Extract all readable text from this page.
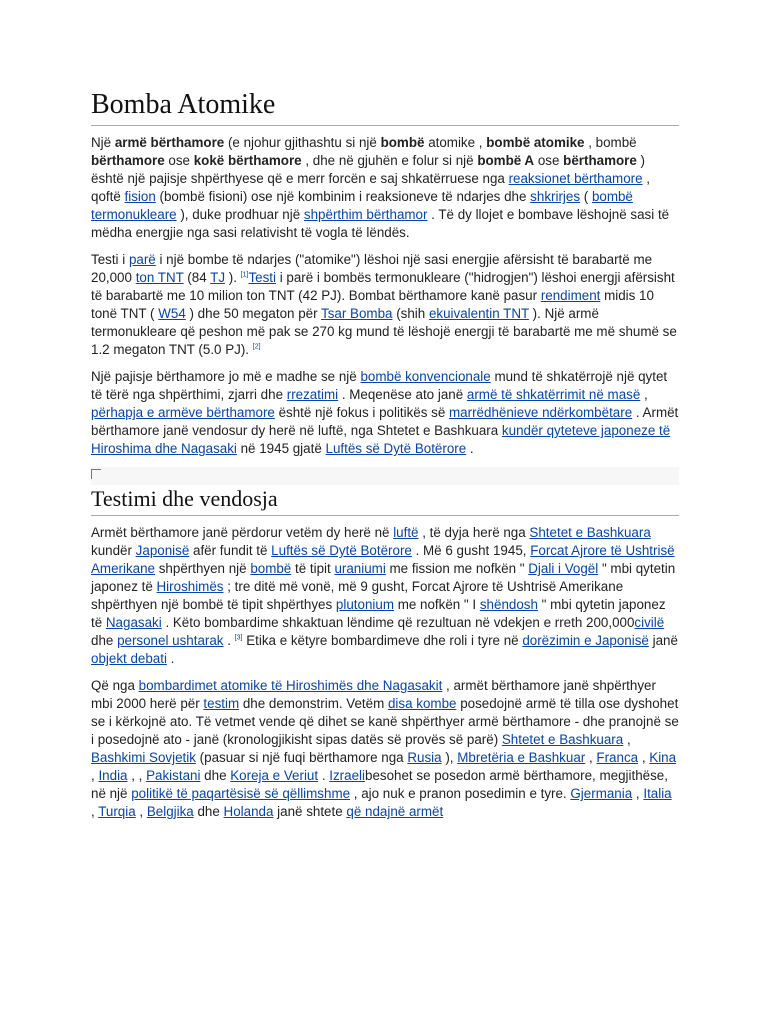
Bomba Atomike

Një armë bërthamore (e njohur gjithashtu si një bombë atomike , bombë atomike , bombë bërthamore ose kokë bërthamore , dhe në gjuhën e folur si një bombë A ose bërthamore ) është një pajisje shpërthyese që e merr forcën e saj shkatërruese nga reaksionet bërthamore , qoftë fision (bombë fisioni) ose një kombinim i reaksioneve të ndarjes dhe shkrirjes ( bombë termonukleare ), duke prodhuar një shpërthim bërthamor . Të dy llojet e bombave lëshojnë sasi të mëdha energjie nga sasi relativisht të vogla të lëndës.

Testi i parë i një bombe të ndarjes ("atomike") lëshoi një sasi energjie afërsisht të barabartë me 20,000 ton TNT (84 TJ ). [1]Testi i parë i bombës termonukleare ("hidrogjen") lëshoi energji afërsisht të barabartë me 10 milion ton TNT (42 PJ). Bombat bërthamore kanë pasur rendiment midis 10 tonë TNT ( W54 ) dhe 50 megaton për Tsar Bomba (shih ekuivalentin TNT ). Një armë termonukleare që peshon më pak se 270 kg mund të lëshojë energji të barabartë me më shumë se 1.2 megaton TNT (5.0 PJ). [2]

Një pajisje bërthamore jo më e madhe se një bombë konvencionale mund të shkatërrojë një qytet të tërë nga shpërthimi, zjarri dhe rrezatimi . Meqenëse ato janë armë të shkatërrimit në masë , përhapja e armëve bërthamore është një fokus i politikës së marrëdhënieve ndërkombëtare . Armët bërthamore janë vendosur dy herë në luftë, nga Shtetet e Bashkuara kundër qyteteve japoneze të Hiroshima dhe Nagasaki në 1945 gjatë Luftës së Dytë Botërore .

Testimi dhe vendosja

Armët bërthamore janë përdorur vetëm dy herë në luftë , të dyja herë nga Shtetet e Bashkuara kundër Japonisë afër fundit të Luftës së Dytë Botërore . Më 6 gusht 1945, Forcat Ajrore të Ushtrisë Amerikane shpërthyen një bombë të tipit uraniumi me fission me nofkën " Djali i Vogël " mbi qytetin japonez të Hiroshimës ; tre ditë më vonë, më 9 gusht, Forcat Ajrore të Ushtrisë Amerikane shpërthyen një bombë të tipit shpërthyes plutonium me nofkën " I shëndosh " mbi qytetin japonez të Nagasaki . Këto bombardime shkaktuan lëndime që rezultuan në vdekjen e rreth 200,000civilë dhe personel ushtarak . [3] Etika e këtyre bombardimeve dhe roli i tyre në dorëzimin e Japonisë janë objekt debati .

Që nga bombardimet atomike të Hiroshimës dhe Nagasakit , armët bërthamore janë shpërthyer mbi 2000 herë për testim dhe demonstrim. Vetëm disa kombe posedojnë armë të tilla ose dyshohet se i kërkojnë ato. Të vetmet vende që dihet se kanë shpërthyer armë bërthamore - dhe pranojnë se i posedojnë ato - janë (kronologjikisht sipas datës së provës së parë) Shtetet e Bashkuara , Bashkimi Sovjetik (pasuar si një fuqi bërthamore nga Rusia ), Mbretëria e Bashkuar , Franca , Kina , India , , Pakistani dhe Koreja e Veriut . Izraelibesohet se posedon armë bërthamore, megjithëse, në një politikë të paqartësisë së qëllimshme , ajo nuk e pranon posedimin e tyre. Gjermania , Italia , Turqia , Belgjika dhe Holanda janë shtete që ndajnë armët
